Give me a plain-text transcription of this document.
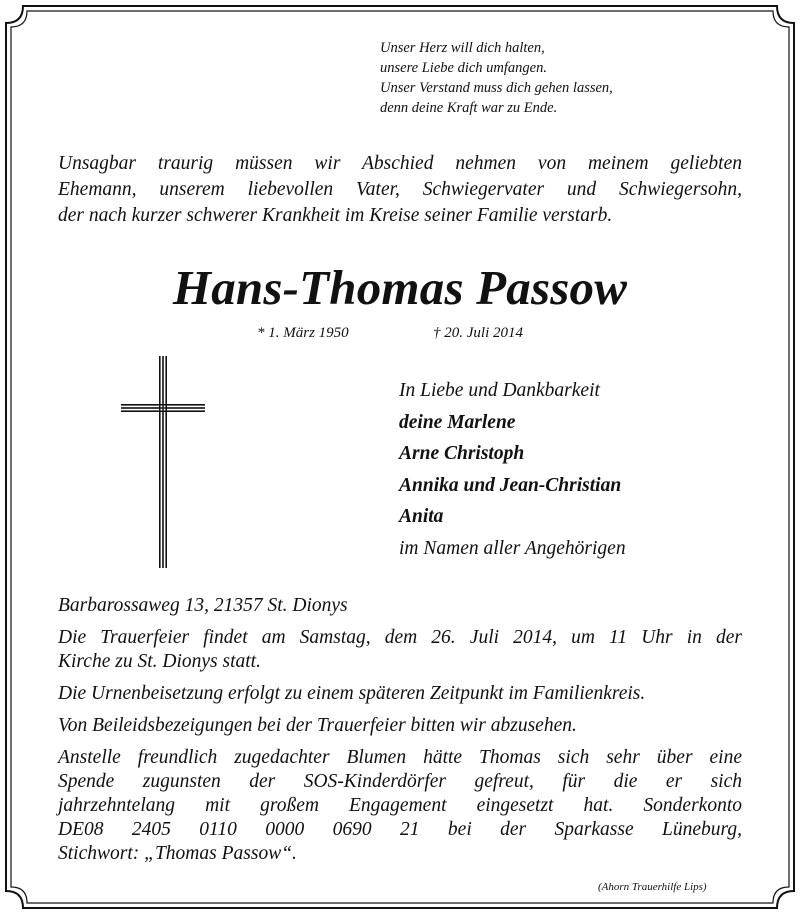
Unser Herz will dich halten,
unsere Liebe dich umfangen.
Unser Verstand muss dich gehen lassen,
denn deine Kraft war zu Ende.
Unsagbar traurig müssen wir Abschied nehmen von meinem geliebten
Ehemann, unserem liebevollen Vater, Schwiegervater und Schwiegersohn,
der nach kurzer schwerer Krankheit im Kreise seiner Familie verstarb.
Hans-Thomas Passow
* 1. März 1950	† 20. Juli 2014
In Liebe und Dankbarkeit
deine Marlene
Arne Christoph
Annika und Jean-Christian
Anita
im Namen aller Angehörigen
Barbarossaweg 13, 21357 St. Dionys
Die Trauerfeier findet am Samstag, dem 26. Juli 2014, um 11 Uhr in der
Kirche zu St. Dionys statt.
Die Urnenbeisetzung erfolgt zu einem späteren Zeitpunkt im Familienkreis.
Von Beileidsbezeigungen bei der Trauerfeier bitten wir abzusehen.
Anstelle freundlich zugedachter Blumen hätte Thomas sich sehr über eine
Spende zugunsten der SOS-Kinderdörfer gefreut, für die er sich
jahrzehntelang mit großem Engagement eingesetzt hat. Sonderkonto
DE08 2405 0110 0000 0690 21 bei der Sparkasse Lüneburg,
Stichwort: „Thomas Passow“.
(Ahorn Trauerhilfe Lips)
